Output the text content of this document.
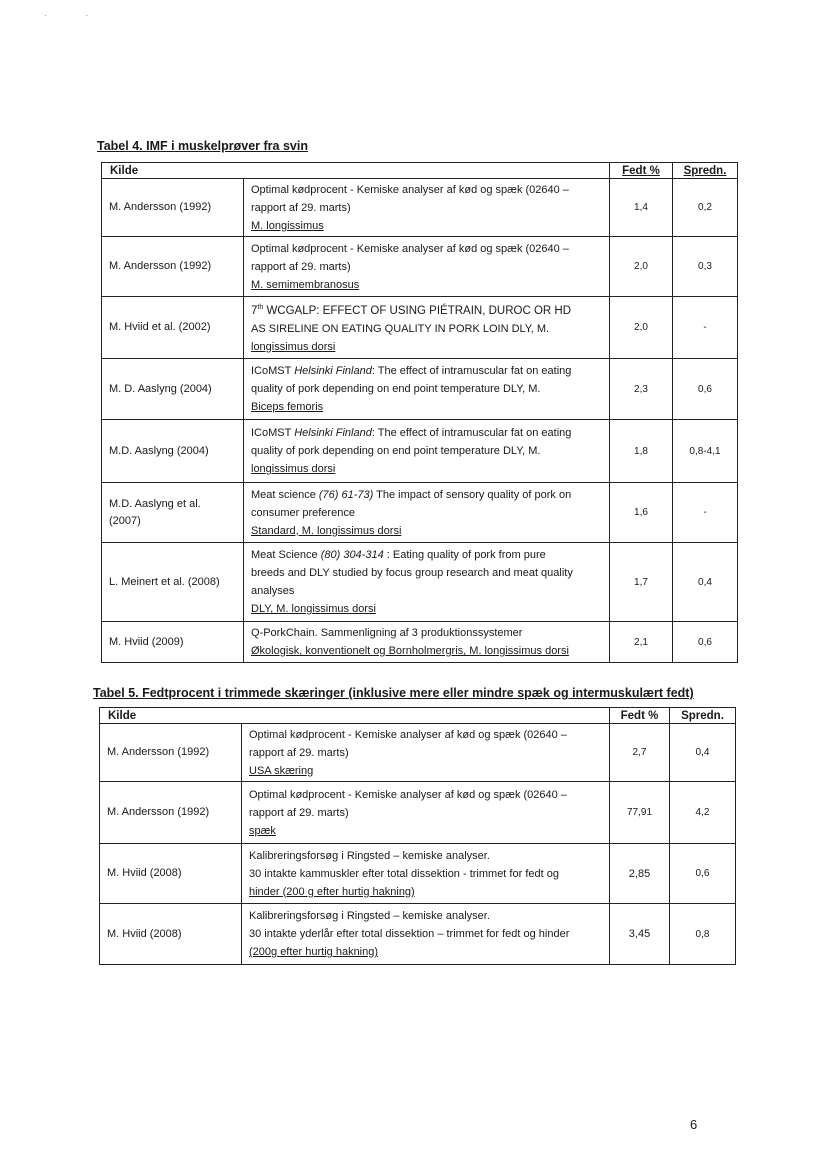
· ·
Tabel 4. IMF i muskelprøver fra svin
Kilde		Fedt %	Spredn.
M. Andersson (1992)	Optimal kødprocent - Kemiske analyser af kød og spæk (02640 –
rapport af 29. marts)
M. longissimus	1,4	0,2
M. Andersson (1992)	Optimal kødprocent - Kemiske analyser af kød og spæk (02640 –
rapport af 29. marts)
M. semimembranosus	2,0	0,3
M. Hviid et al. (2002)	7th WCGALP: EFFECT OF USING PIÉTRAIN, DUROC OR HD
AS SIRELINE ON EATING QUALITY IN PORK LOIN DLY, M.
longissimus dorsi	2,0	-
M. D. Aaslyng (2004)	ICoMST Helsinki Finland: The effect of intramuscular fat on eating
quality of pork depending on end point temperature DLY, M.
Biceps femoris	2,3	0,6
M.D. Aaslyng (2004)	ICoMST Helsinki Finland: The effect of intramuscular fat on eating
quality of pork depending on end point temperature DLY, M.
longissimus dorsi	1,8	0,8-4,1

M.D. Aaslyng et al.
(2007)	Meat science (76) 61-73) The impact of sensory quality of pork on
consumer preference
Standard, M. longissimus dorsi	1,6	-
L. Meinert et al. (2008)	Meat Science (80) 304-314 : Eating quality of pork from pure
breeds and DLY studied by focus group research and meat quality
analyses
DLY, M. longissimus dorsi	1,7	0,4
M. Hviid (2009)	Q-PorkChain. Sammenligning af 3 produktionssystemer
Økologisk, konventionelt og Bornholmergris, M. longissimus dorsi	2,1	0,6
Tabel 5. Fedtprocent i trimmede skæringer (inklusive mere eller mindre spæk og intermuskulært fedt)
Kilde		Fedt %	Spredn.
M. Andersson (1992)	Optimal kødprocent - Kemiske analyser af kød og spæk (02640 –
rapport af 29. marts)
USA skæring	2,7	0,4
M. Andersson (1992)	Optimal kødprocent - Kemiske analyser af kød og spæk (02640 –
rapport af 29. marts)
spæk	77,91	4,2
M. Hviid (2008)	Kalibreringsforsøg i Ringsted – kemiske analyser.
30 intakte kammuskler efter total dissektion - trimmet for fedt og
hinder (200 g efter hurtig hakning)	2,85	0,6
M. Hviid (2008)	Kalibreringsforsøg i Ringsted – kemiske analyser.
30 intakte yderlår efter total dissektion – trimmet for fedt og hinder
(200g efter hurtig hakning)	3,45	0,8
6
